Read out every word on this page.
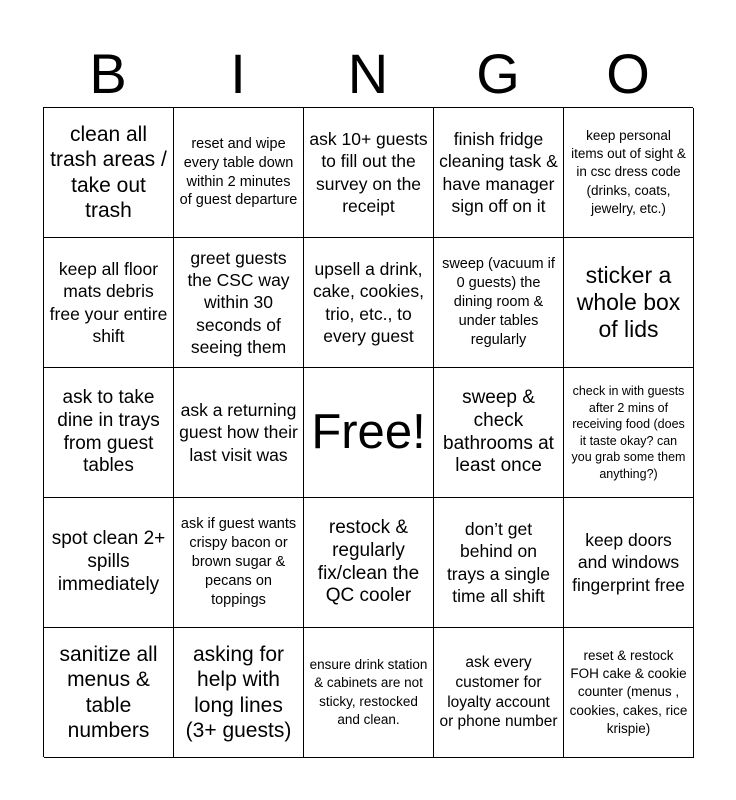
B	I	N	G	O
clean all trash areas / take out trash
reset and wipe every table down within 2 minutes of guest departure
ask 10+ guests to fill out the survey on the receipt
finish fridge cleaning task & have manager sign off on it
keep personal items out of sight & in csc dress code (drinks, coats, jewelry, etc.)
keep all floor mats debris free your entire shift
greet guests the CSC way within 30 seconds of seeing them
upsell a drink, cake, cookies, trio, etc., to every guest
sweep (vacuum if 0 guests) the dining room & under tables regularly
sticker a whole box of lids
ask to take dine in trays from guest tables
ask a returning guest how their last visit was Free!
sweep & check bathrooms at least once
check in with guests after 2 mins of receiving food (does it taste okay? can you grab some them anything?)
spot clean 2+ spills immediately
ask if guest wants crispy bacon or brown sugar & pecans on toppings
restock & regularly fix/clean the QC cooler
don’t get behind on trays a single time all shift
keep doors and windows fingerprint free
sanitize all menus & table numbers
asking for help with long lines (3+ guests)
ensure drink station & cabinets are not sticky, restocked and clean.
ask every customer for loyalty account or phone number
reset & restock FOH cake & cookie counter (menus , cookies, cakes, rice krispie)
